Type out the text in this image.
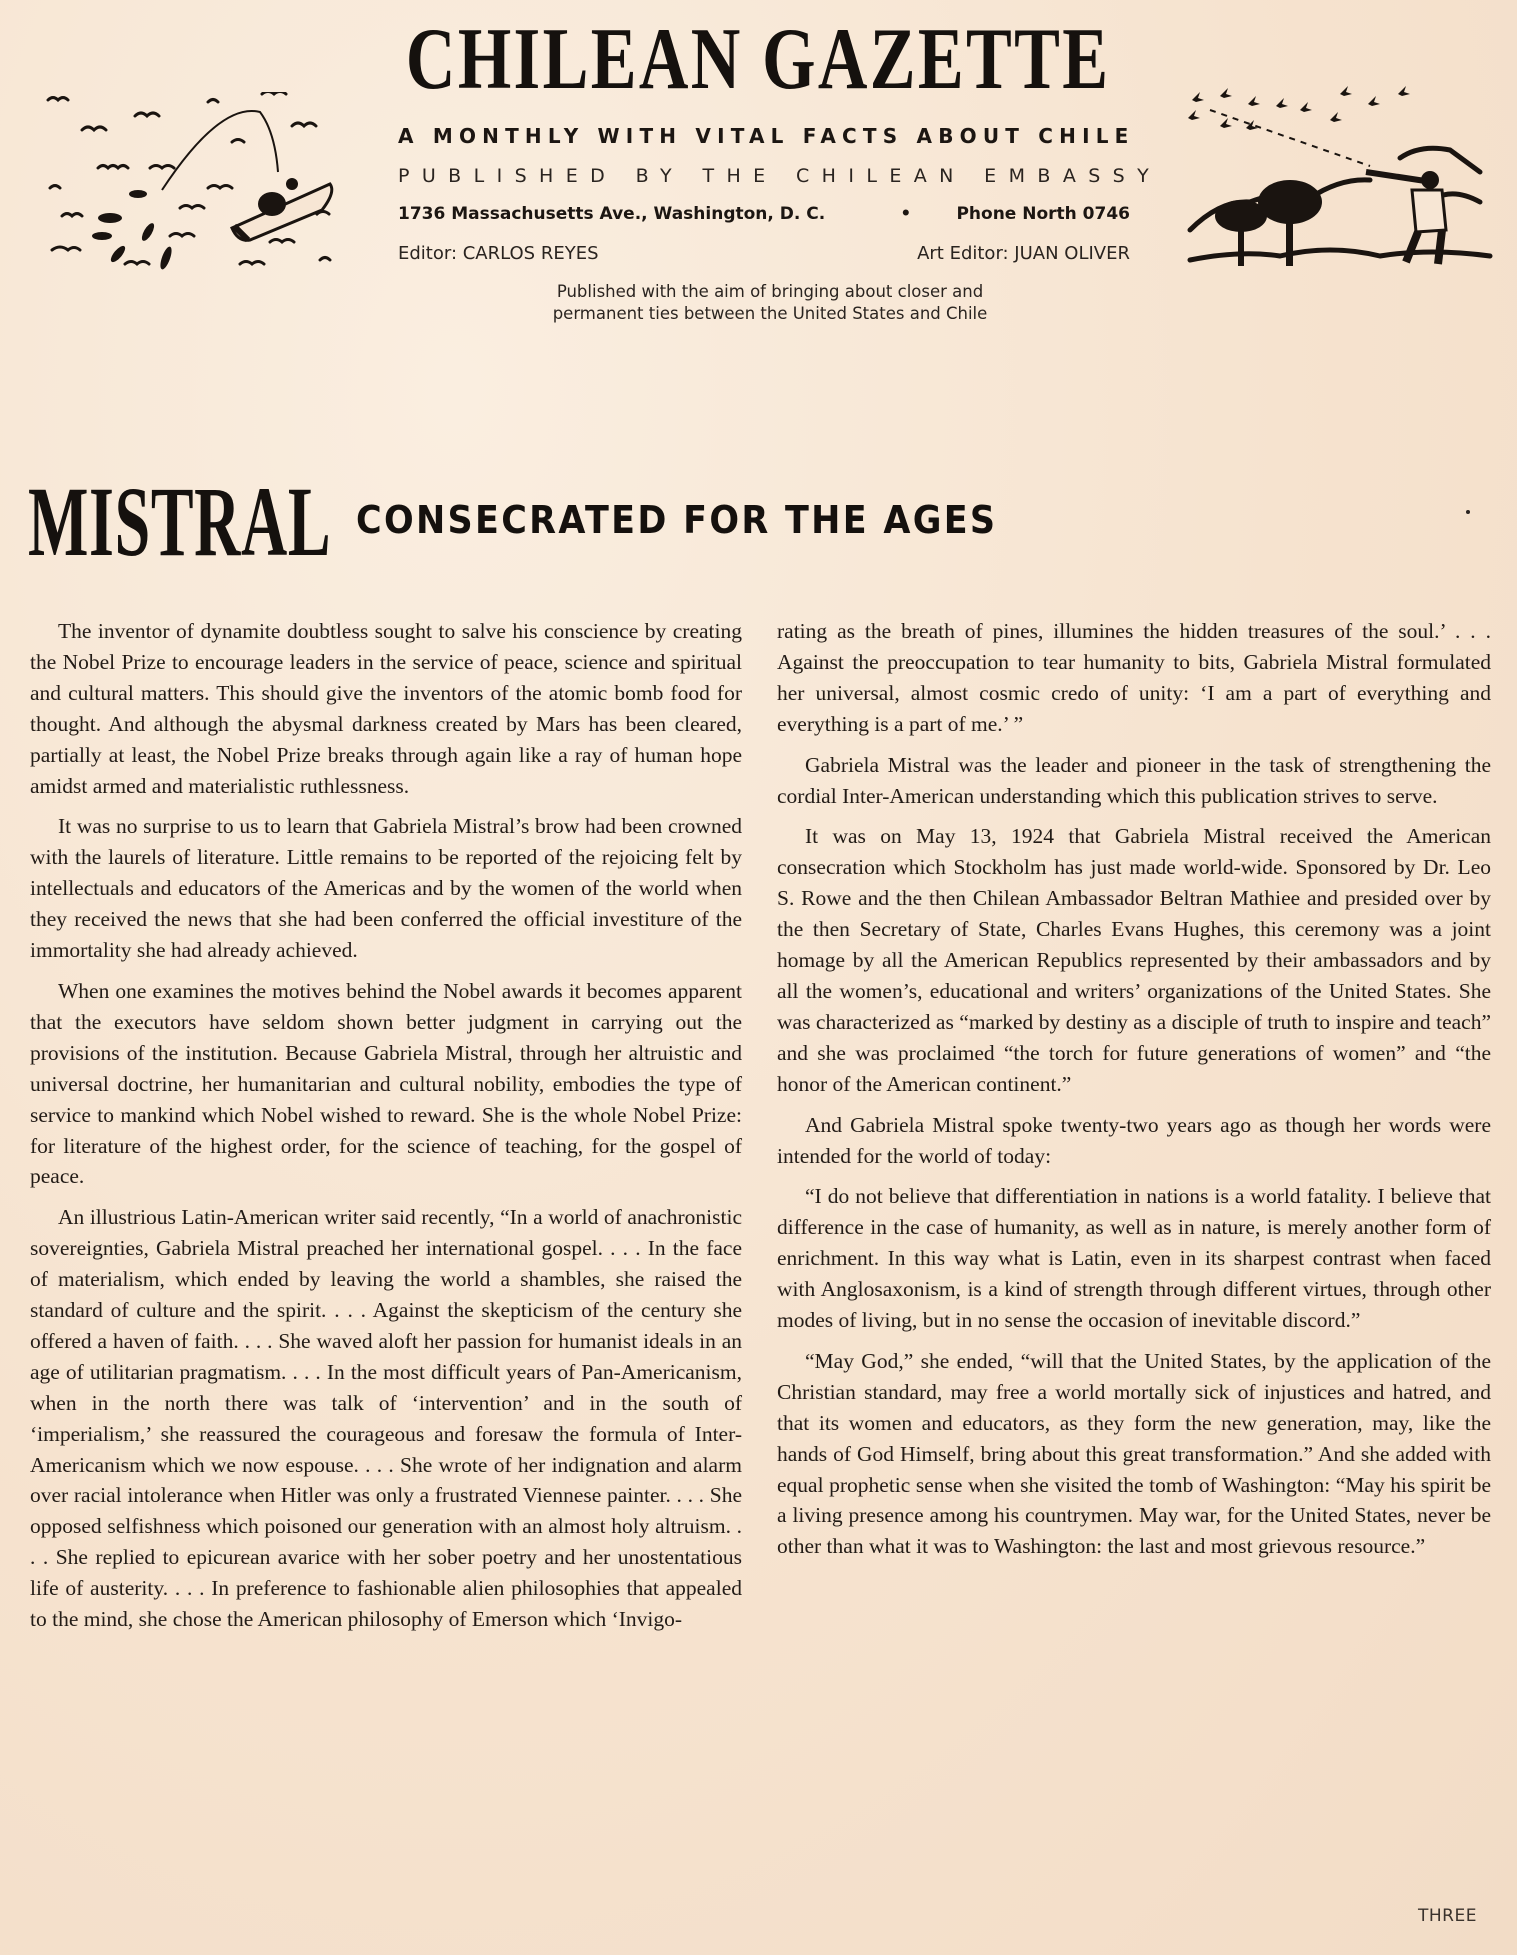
CHILEAN GAZETTE
A MONTHLY WITH VITAL FACTS ABOUT CHILE
PUBLISHED BY THE CHILEAN EMBASSY
1736 Massachusetts Ave., Washington, D. C.	•	Phone North 0746
Editor: CARLOS REYES	Art Editor: JUAN OLIVER
Published with the aim of bringing about closer and
permanent ties between the United States and Chile
MISTRAL CONSECRATED FOR THE AGES

The inventor of dynamite doubtless sought to salve his conscience by creating the Nobel Prize to encourage leaders in the service of peace, science and spiritual and cultural matters. This should give the inventors of the atomic bomb food for thought. And although the abysmal darkness created by Mars has been cleared, partially at least, the Nobel Prize breaks through again like a ray of human hope amidst armed and materialistic ruthlessness.

It was no surprise to us to learn that Gabriela Mistral’s brow had been crowned with the laurels of literature. Little remains to be reported of the rejoicing felt by intellectuals and educators of the Americas and by the women of the world when they received the news that she had been conferred the official investiture of the immortality she had already achieved.

When one examines the motives behind the Nobel awards it becomes apparent that the executors have seldom shown better judgment in carrying out the provisions of the institution. Because Gabriela Mistral, through her altruistic and universal doctrine, her humanitarian and cultural nobility, embodies the type of service to mankind which Nobel wished to reward. She is the whole Nobel Prize: for literature of the highest order, for the science of teaching, for the gospel of peace.

An illustrious Latin-American writer said recently, “In a world of anachronistic sovereignties, Gabriela Mistral preached her international gospel. . . . In the face of materialism, which ended by leaving the world a shambles, she raised the standard of culture and the spirit. . . . Against the skepticism of the century she offered a haven of faith. . . . She waved aloft her passion for humanist ideals in an age of utilitarian pragmatism. . . . In the most difficult years of Pan-Americanism, when in the north there was talk of ‘intervention’ and in the south of ‘imperialism,’ she reassured the courageous and foresaw the formula of Inter-Americanism which we now espouse. . . . She wrote of her indignation and alarm over racial intolerance when Hitler was only a frustrated Viennese painter. . . . She opposed selfishness which poisoned our generation with an almost holy altruism. . . . She replied to epicurean avarice with her sober poetry and her unostentatious life of austerity. . . . In preference to fashionable alien philosophies that appealed to the mind, she chose the American philosophy of Emerson which ‘Invigo-

rating as the breath of pines, illumines the hidden treasures of the soul.’ . . . Against the preoccupation to tear humanity to bits, Gabriela Mistral formulated her universal, almost cosmic credo of unity: ‘I am a part of everything and everything is a part of me.’ ”

Gabriela Mistral was the leader and pioneer in the task of strengthening the cordial Inter-American understanding which this publication strives to serve.

It was on May 13, 1924 that Gabriela Mistral received the American consecration which Stockholm has just made world-wide. Sponsored by Dr. Leo S. Rowe and the then Chilean Ambassador Beltran Mathiee and presided over by the then Secretary of State, Charles Evans Hughes, this ceremony was a joint homage by all the American Republics represented by their ambassadors and by all the women’s, educational and writers’ organizations of the United States. She was characterized as “marked by destiny as a disciple of truth to inspire and teach” and she was proclaimed “the torch for future generations of women” and “the honor of the American continent.”

And Gabriela Mistral spoke twenty-two years ago as though her words were intended for the world of today:

“I do not believe that differentiation in nations is a world fatality. I believe that difference in the case of humanity, as well as in nature, is merely another form of enrichment. In this way what is Latin, even in its sharpest contrast when faced with Anglosaxonism, is a kind of strength through different virtues, through other modes of living, but in no sense the occasion of inevitable discord.”

“May God,” she ended, “will that the United States, by the application of the Christian standard, may free a world mortally sick of injustices and hatred, and that its women and educators, as they form the new generation, may, like the hands of God Himself, bring about this great transformation.” And she added with equal prophetic sense when she visited the tomb of Washington: “May his spirit be a living presence among his countrymen. May war, for the United States, never be other than what it was to Washington: the last and most grievous resource.”

THREE
